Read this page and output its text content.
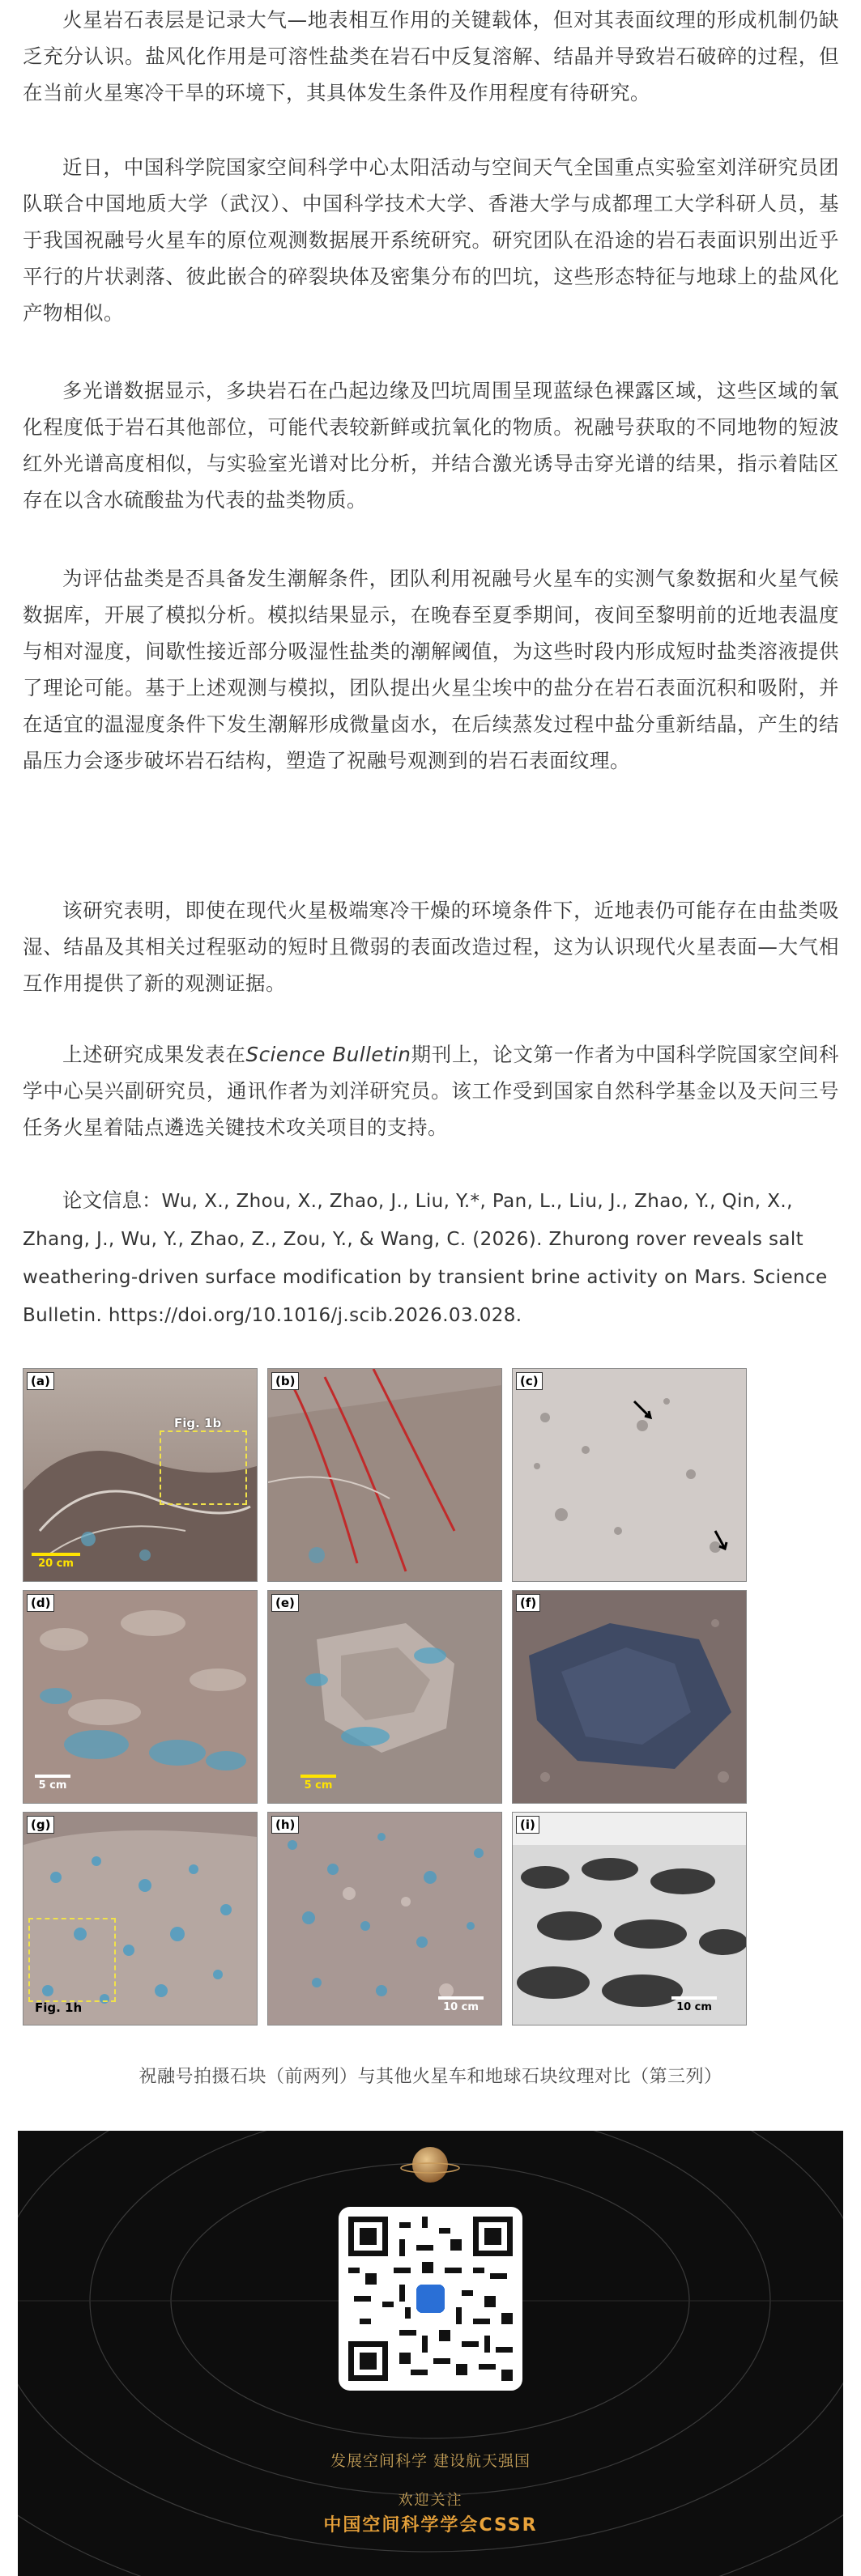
火星岩石表层是记录大气—地表相互作用的关键载体，但对其表面纹理的形成机制仍缺乏充分认识。盐风化作用是可溶性盐类在岩石中反复溶解、结晶并导致岩石破碎的过程，但在当前火星寒冷干旱的环境下，其具体发生条件及作用程度有待研究。

近日，中国科学院国家空间科学中心太阳活动与空间天气全国重点实验室刘洋研究员团队联合中国地质大学（武汉）、中国科学技术大学、香港大学与成都理工大学科研人员，基于我国祝融号火星车的原位观测数据展开系统研究。研究团队在沿途的岩石表面识别出近乎平行的片状剥落、彼此嵌合的碎裂块体及密集分布的凹坑，这些形态特征与地球上的盐风化产物相似。

多光谱数据显示，多块岩石在凸起边缘及凹坑周围呈现蓝绿色裸露区域，这些区域的氧化程度低于岩石其他部位，可能代表较新鲜或抗氧化的物质。祝融号获取的不同地物的短波红外光谱高度相似，与实验室光谱对比分析，并结合激光诱导击穿光谱的结果，指示着陆区存在以含水硫酸盐为代表的盐类物质。

为评估盐类是否具备发生潮解条件，团队利用祝融号火星车的实测气象数据和火星气候数据库，开展了模拟分析。模拟结果显示，在晚春至夏季期间，夜间至黎明前的近地表温度与相对湿度，间歇性接近部分吸湿性盐类的潮解阈值，为这些时段内形成短时盐类溶液提供了理论可能。基于上述观测与模拟，团队提出火星尘埃中的盐分在岩石表面沉积和吸附，并在适宜的温湿度条件下发生潮解形成微量卤水，在后续蒸发过程中盐分重新结晶，产生的结晶压力会逐步破坏岩石结构，塑造了祝融号观测到的岩石表面纹理。

该研究表明，即使在现代火星极端寒冷干燥的环境条件下，近地表仍可能存在由盐类吸湿、结晶及其相关过程驱动的短时且微弱的表面改造过程，这为认识现代火星表面—大气相互作用提供了新的观测证据。

上述研究成果发表在Science Bulletin期刊上，论文第一作者为中国科学院国家空间科学中心吴兴副研究员，通讯作者为刘洋研究员。该工作受到国家自然科学基金以及天问三号任务火星着陆点遴选关键技术攻关项目的支持。

论文信息：Wu, X., Zhou, X., Zhao, J., Liu, Y.*, Pan, L., Liu, J., Zhao, Y., Qin, X., Zhang, J., Wu, Y., Zhao, Z., Zou, Y., & Wang, C. (2026). Zhurong rover reveals salt weathering-driven surface modification by transient brine activity on Mars. Science Bulletin. https://doi.org/10.1016/j.scib.2026.03.028.

Fig. 1b
(a)
20 cm
(b)	(c)
(d)
5 cm
(e)
5 cm
(f)
Fig. 1h
(g)	(h)
10 cm
(i)
10 cm
祝融号拍摄石块（前两列）与其他火星车和地球石块纹理对比（第三列）
发展空间科学 建设航天强国
欢迎关注
中国空间科学学会CSSR
